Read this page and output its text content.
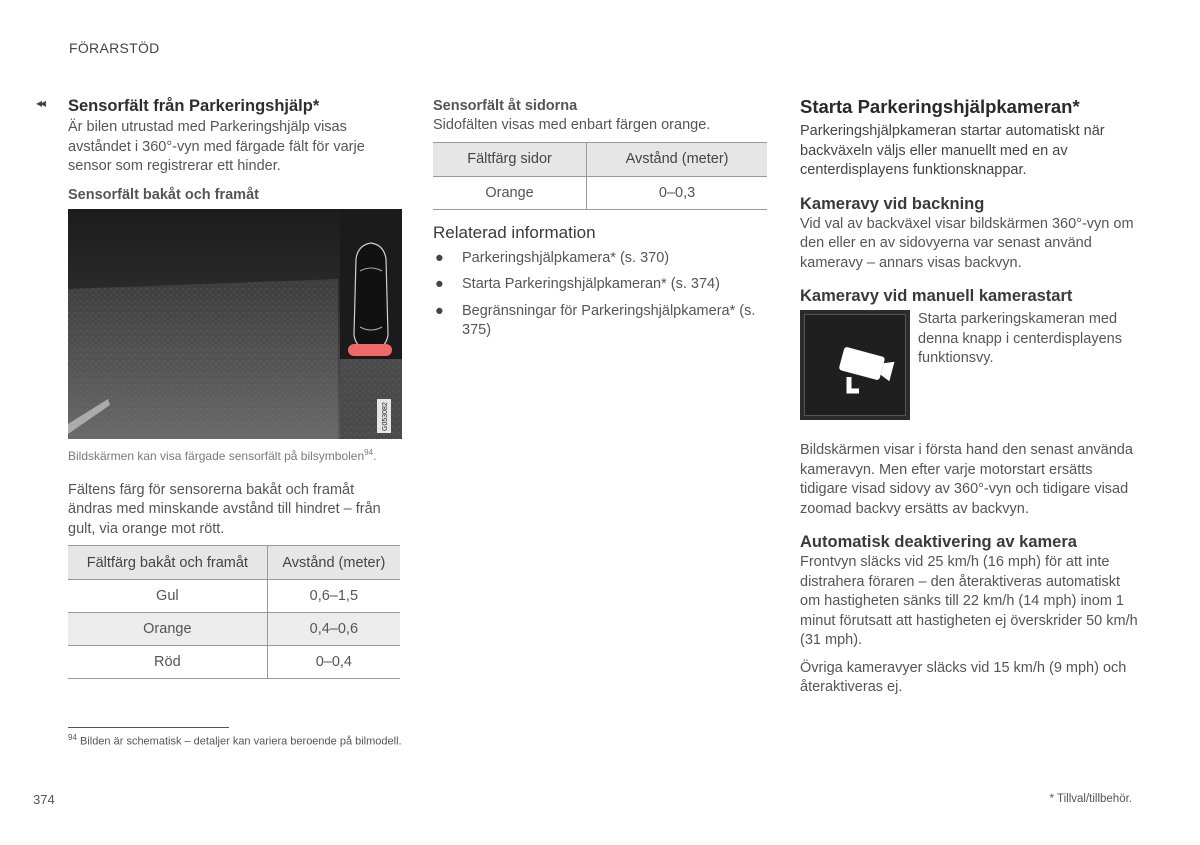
FÖRARSTÖD
◂◂ Sensorfält från Parkeringshjälp*

Är bilen utrustad med Parkeringshjälp visas avståndet i 360°-vyn med färgade fält för varje sensor som registrerar ett hinder.

Sensorfält bakåt och framåt
G053082

Bildskärmen kan visa färgade sensorfält på bilsymbolen$^{94}$.

Fältens färg för sensorerna bakåt och framåt ändras med minskande avstånd till hindret – från gult, via orange mot rött.

Fältfärg bakåt och framåt	Avstånd (meter)
Gul	0,6–1,5
Orange	0,4–0,6
Röd	0–0,4
Sensorfält åt sidorna

Sidofälten visas med enbart färgen orange.

Fältfärg sidor	Avstånd (meter)
Orange	0–0,3
Relaterad information
● Parkeringshjälpkamera* (s. 370)
● Starta Parkeringshjälpkameran* (s. 374)
● Begränsningar för Parkeringshjälpkamera* (s. 375)
Starta Parkeringshjälpkameran*

Parkeringshjälpkameran startar automatiskt när backväxeln väljs eller manuellt med en av centerdisplayens funktionsknappar.

Kameravy vid backning

Vid val av backväxel visar bildskärmen 360°-vyn om den eller en av sidovyerna var senast använd kameravy – annars visas backvyn.

Kameravy vid manuell kamerastart

Starta parkeringskameran med denna knapp i centerdisplayens funktionsvy.

Bildskärmen visar i första hand den senast använda kameravyn. Men efter varje motorstart ersätts tidigare visad sidovy av 360°-vyn och tidigare visad zoomad backvy ersätts av backvyn.

Automatisk deaktivering av kamera

Frontvyn släcks vid 25 km/h (16 mph) för att inte distrahera föraren – den återaktiveras automatiskt om hastigheten sänks till 22 km/h (14 mph) inom 1 minut förutsatt att hastigheten ej överskrider 50 km/h (31 mph).

Övriga kameravyer släcks vid 15 km/h (9 mph) och återaktiveras ej.

$^{94}$ Bilden är schematisk – detaljer kan variera beroende på bilmodell.
374	* Tillval/tillbehör.
